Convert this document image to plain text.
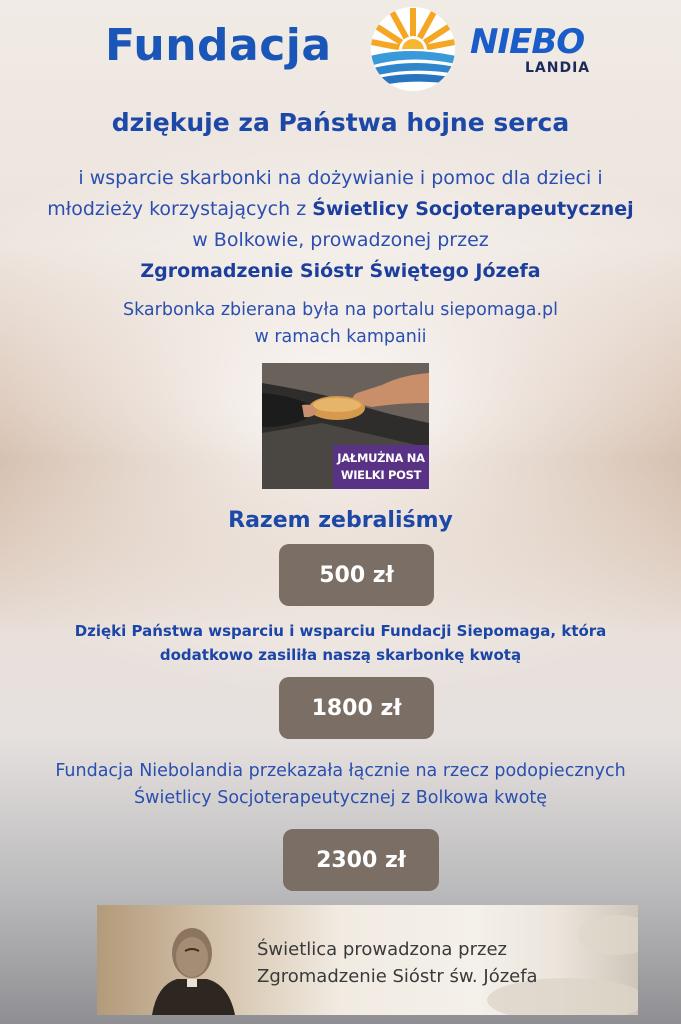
Fundacja	NIEBO
LANDIA
dziękuje za Państwa hojne serca
i wsparcie skarbonki na dożywianie i pomoc dla dzieci i
młodzieży korzystających z Świetlicy Socjoterapeutycznej
w Bolkowie, prowadzonej przez
Zgromadzenie Sióstr Świętego Józefa
Skarbonka zbierana była na portalu siepomaga.pl
w ramach kampanii
JAŁMUŻNA NA
WIELKI POST
Razem zebraliśmy
500 zł
Dzięki Państwa wsparciu i wsparciu Fundacji Siepomaga, która
dodatkowo zasiliła naszą skarbonkę kwotą
1800 zł
Fundacja Niebolandia przekazała łącznie na rzecz podopiecznych
Świetlicy Socjoterapeutycznej z Bolkowa kwotę
2300 zł
Świetlica prowadzona przez
Zgromadzenie Sióstr św. Józefa
